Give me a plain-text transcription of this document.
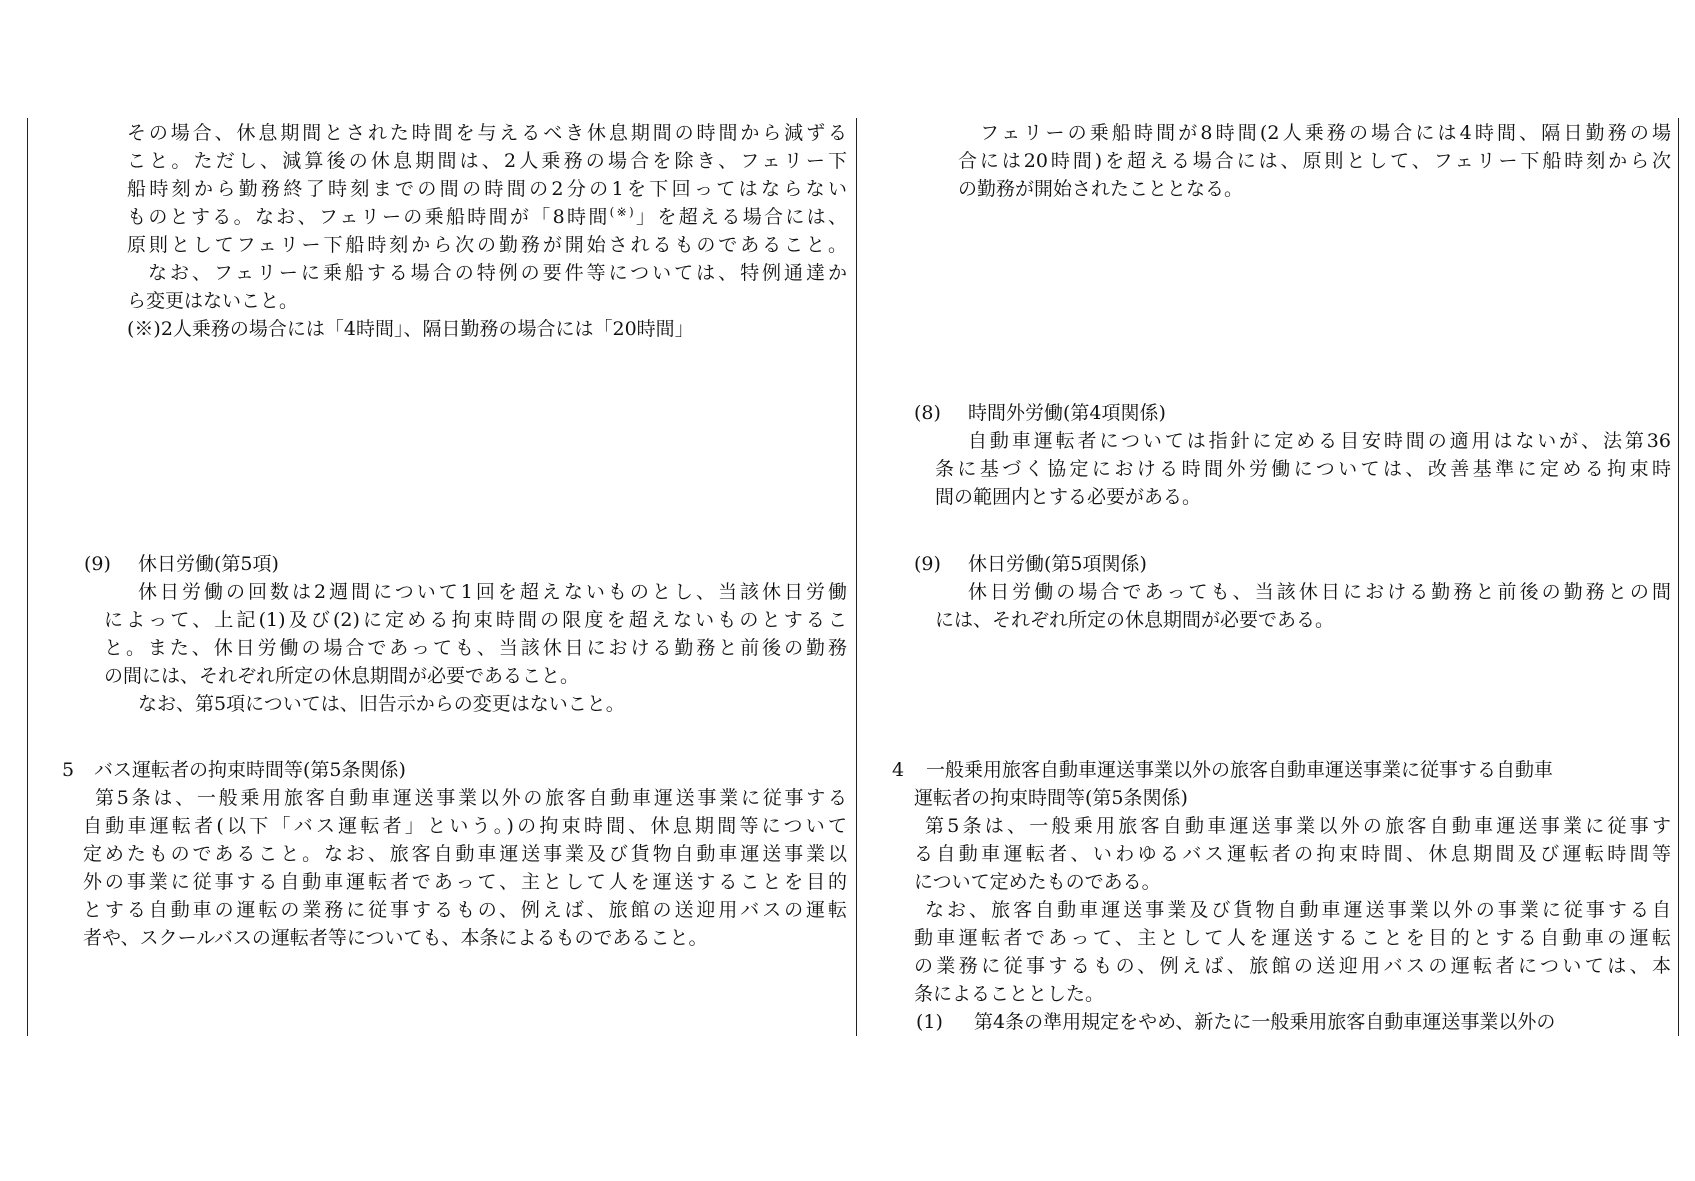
その場合、休息期間とされた時間を与えるべき休息期間の時間から減ずる
こと。ただし、減算後の休息期間は、2人乗務の場合を除き、フェリー下
船時刻から勤務終了時刻までの間の時間の2分の1を下回ってはならない
ものとする。なお、フェリーの乗船時間が「8時間(※)」を超える場合には、
原則としてフェリー下船時刻から次の勤務が開始されるものであること。
なお、フェリーに乗船する場合の特例の要件等については、特例通達か
ら変更はないこと。
(※)2人乗務の場合には「4時間」、隔日勤務の場合には「20時間」
(9) 休日労働(第5項)
休日労働の回数は2週間について1回を超えないものとし、当該休日労働
によって、上記(1)及び(2)に定める拘束時間の限度を超えないものとするこ
と。また、休日労働の場合であっても、当該休日における勤務と前後の勤務
の間には、それぞれ所定の休息期間が必要であること。
なお、第5項については、旧告示からの変更はないこと。
5 バス運転者の拘束時間等(第5条関係)
第5条は、一般乗用旅客自動車運送事業以外の旅客自動車運送事業に従事する
自動車運転者(以下「バス運転者」という。)の拘束時間、休息期間等について
定めたものであること。なお、旅客自動車運送事業及び貨物自動車運送事業以
外の事業に従事する自動車運転者であって、主として人を運送することを目的
とする自動車の運転の業務に従事するもの、例えば、旅館の送迎用バスの運転
者や、スクールバスの運転者等についても、本条によるものであること。
フェリーの乗船時間が8時間(2人乗務の場合には4時間、隔日勤務の場
合には20時間)を超える場合には、原則として、フェリー下船時刻から次
の勤務が開始されたこととなる。
(8) 時間外労働(第4項関係)
自動車運転者については指針に定める目安時間の適用はないが、法第36
条に基づく協定における時間外労働については、改善基準に定める拘束時
間の範囲内とする必要がある。
(9) 休日労働(第5項関係)
休日労働の場合であっても、当該休日における勤務と前後の勤務との間
には、それぞれ所定の休息期間が必要である。
4 一般乗用旅客自動車運送事業以外の旅客自動車運送事業に従事する自動車
運転者の拘束時間等(第5条関係)
第5条は、一般乗用旅客自動車運送事業以外の旅客自動車運送事業に従事す
る自動車運転者、いわゆるバス運転者の拘束時間、休息期間及び運転時間等
について定めたものである。
なお、旅客自動車運送事業及び貨物自動車運送事業以外の事業に従事する自
動車運転者であって、主として人を運送することを目的とする自動車の運転
の業務に従事するもの、例えば、旅館の送迎用バスの運転者については、本
条によることとした。
(1) 第4条の準用規定をやめ、新たに一般乗用旅客自動車運送事業以外の
